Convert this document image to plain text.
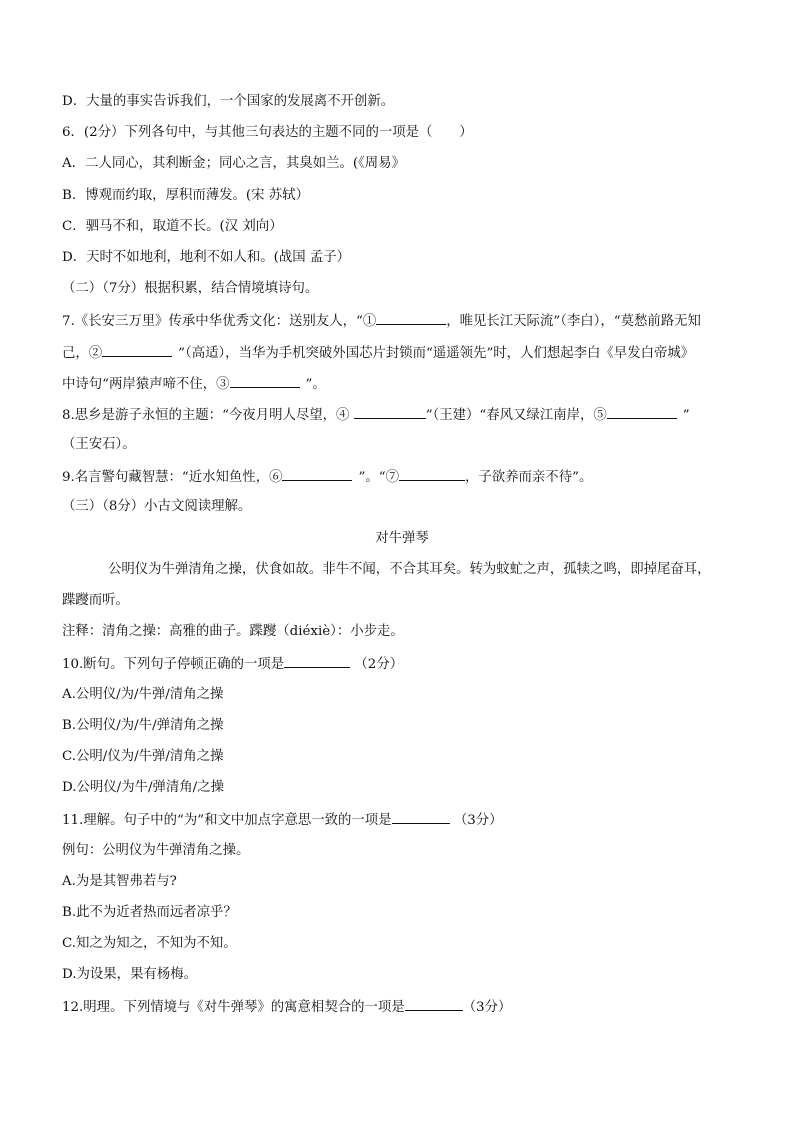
D．大量的事实告诉我们，一个国家的发展离不开创新。
6．(2分）下列各句中，与其他三句表达的主题不同的一项是（　　）
A．二人同心，其利断金；同心之言，其臭如兰。(《周易》
B．博观而约取，厚积而薄发。(宋 苏轼）
C．驷马不和，取道不长。(汉 刘向）
D．天时不如地利，地利不如人和。(战国 孟子）
（二）（7分）根据积累，结合情境填诗句。
7.《长安三万里》传承中华优秀文化：送别友人，“①	，唯见长江天际流”（李白），“莫愁前路无知
己，②	”（高适），当华为手机突破外国芯片封锁而“遥遥领先”时，人们想起李白《早发白帝城》
中诗句“两岸猿声啼不住，③	”。
8.思乡是游子永恒的主题：“今夜月明人尽望，④	”（王建）“春风又绿江南岸，⑤	”
（王安石）。
9.名言警句藏智慧：“近水知鱼性，⑥	”。“⑦	，子欲养而亲不待”。
（三）（8分）小古文阅读理解。
对牛弹琴
公明仪为牛弹清角之操，伏食如故。非牛不闻，不合其耳矣。转为蚊虻之声，孤犊之鸣，即掉尾奋耳，
蹀躞而听。
注释：清角之操：高雅的曲子。蹀躞（diéxiè）：小步走。
10.断句。下列句子停顿正确的一项是	（2分）
A.公明仪/为/牛弹/清角之操
B.公明仪/为/牛/弹清角之操
C.公明/仪为/牛弹/清角之操
D.公明仪/为牛/弹清角/之操
11.理解。句子中的“为”和文中加点字意思一致的一项是	（3分）
例句：公明仪为牛弹清角之操。
A.为是其智弗若与?
B.此不为近者热而远者凉乎？
C.知之为知之，不知为不知。
D.为设果，果有杨梅。
12.明理。下列情境与《对牛弹琴》的寓意相契合的一项是	（3分）
